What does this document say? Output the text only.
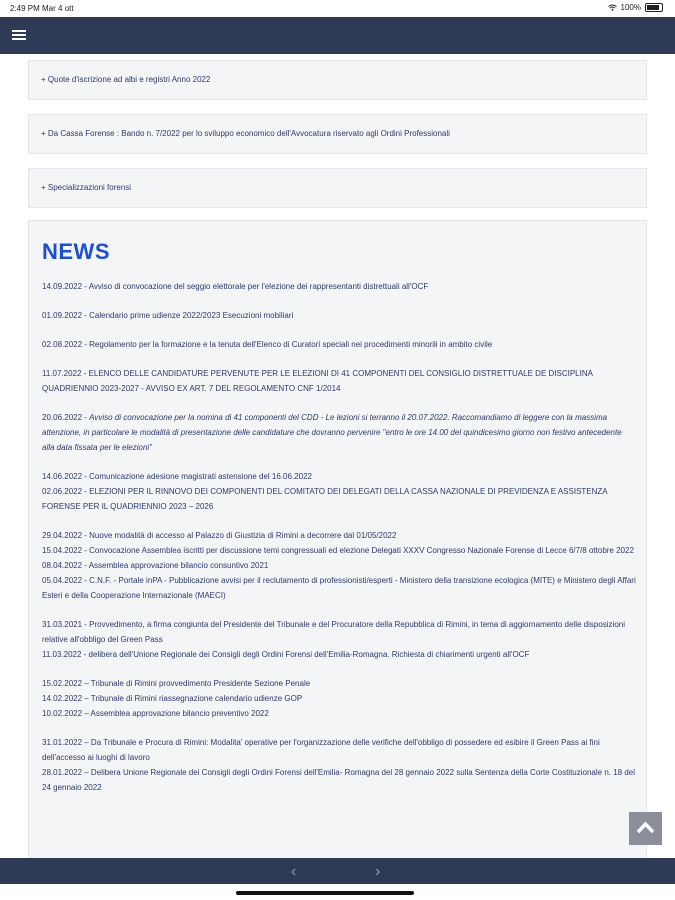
2:49 PM Mar 4 ott	100%
+ Quote d'iscrizione ad albi e registri Anno 2022
+ Da Cassa Forense : Bando n. 7/2022 per lo sviluppo economico dell'Avvocatura riservato agli Ordini Professionali
+ Specializzazioni forensi
NEWS

14.09.2022 - Avviso di convocazione del seggio elettorale per l'elezione dei rappresentanti distrettuali all'OCF

01.09.2022 - Calendario prime udienze 2022/2023 Esecuzioni mobiliari

02.08.2022 - Regolamento per la formazione e la tenuta dell'Elenco di Curatori speciali nei procedimenti minorili in ambito civile

11.07.2022 - ELENCO DELLE CANDIDATURE PERVENUTE PER LE ELEZIONI DI 41 COMPONENTI DEL CONSIGLIO DISTRETTUALE DE DISCIPLINA QUADRIENNIO 2023-2027 - AVVISO EX ART. 7 DEL REGOLAMENTO CNF 1/2014

20.06.2022 - Avviso di convocazione per la nomina di 41 componenti del CDD - Le lezioni si terranno il 20.07.2022. Raccomandiamo di leggere con la massima attenzione, in particolare le modalità di presentazione delle candidature che dovranno pervenire "entro le ore 14.00 del quindicesimo giorno non festivo antecedente alla data fissata per le elezioni"

14.06.2022 - Comunicazione adesione magistrati astensione del 16.06.2022

02.06.2022 - ELEZIONI PER IL RINNOVO DEI COMPONENTI DEL COMITATO DEI DELEGATI DELLA CASSA NAZIONALE DI PREVIDENZA E ASSISTENZA FORENSE PER IL QUADRIENNIO 2023 – 2026

29.04.2022 - Nuove modalità di accesso al Palazzo di Giustizia di Rimini a decorrere dal 01/05/2022

15.04.2022 - Convocazione Assemblea iscritti per discussione temi congressuali ed elezione Delegati XXXV Congresso Nazionale Forense di Lecce 6/7/8 ottobre 2022

08.04.2022 - Assemblea approvazione bilancio consuntivo 2021

05.04.2022 - C.N.F. - Portale inPA - Pubblicazione avvisi per il reclutamento di professionisti/esperti - Ministero della transizione ecologica (MITE) e Ministero degli Affari Esteri e della Cooperazione Internazionale (MAECI)

31.03.2021 - Provvedimento, a firma congiunta del Presidente del Tribunale e del Procuratore della Repubblica di Rimini, in tema di aggiornamento delle disposizioni relative all'obbligo del Green Pass

11.03.2022 - delibera dell'Unione Regionale dei Consigli degli Ordini Forensi dell'Emilia-Romagna. Richiesta di chiarimenti urgenti all'OCF

15.02.2022 – Tribunale di Rimini provvedimento Presidente Sezione Penale

14.02.2022 – Tribunale di Rimini riassegnazione calendario udienze GOP

10.02.2022 – Assemblea approvazione bilancio preventivo 2022

31.01.2022 – Da Tribunale e Procura di Rimini: Modalita' operative per l'organizzazione delle verifiche dell'obbligo di possedere ed esibire il Green Pass ai fini dell'accesso ai luoghi di lavoro

28.01.2022 – Delibera Unione Regionale dei Consigli degli Ordini Forensi dell'Emilia- Romagna del 28 gennaio 2022 sulla Sentenza della Corte Costituzionale n. 18 del 24 gennaio 2022

‹	›
